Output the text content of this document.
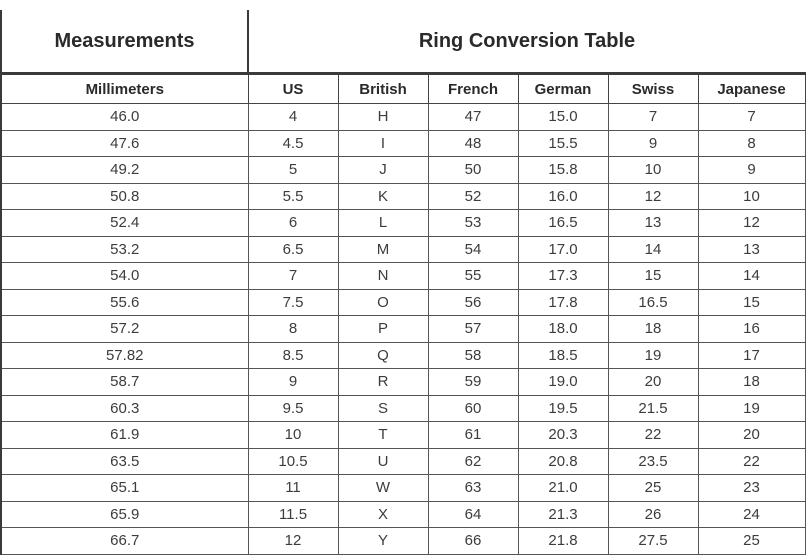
Measurements	Ring Conversion Table					
Millimeters	US	British	French	German	Swiss	Japanese
46.0	4	H	47	15.0	7	7
47.6	4.5	I	48	15.5	9	8
49.2	5	J	50	15.8	10	9
50.8	5.5	K	52	16.0	12	10
52.4	6	L	53	16.5	13	12
53.2	6.5	M	54	17.0	14	13
54.0	7	N	55	17.3	15	14
55.6	7.5	O	56	17.8	16.5	15
57.2	8	P	57	18.0	18	16
57.82	8.5	Q	58	18.5	19	17
58.7	9	R	59	19.0	20	18
60.3	9.5	S	60	19.5	21.5	19
61.9	10	T	61	20.3	22	20
63.5	10.5	U	62	20.8	23.5	22
65.1	11	W	63	21.0	25	23
65.9	11.5	X	64	21.3	26	24
66.7	12	Y	66	21.8	27.5	25
